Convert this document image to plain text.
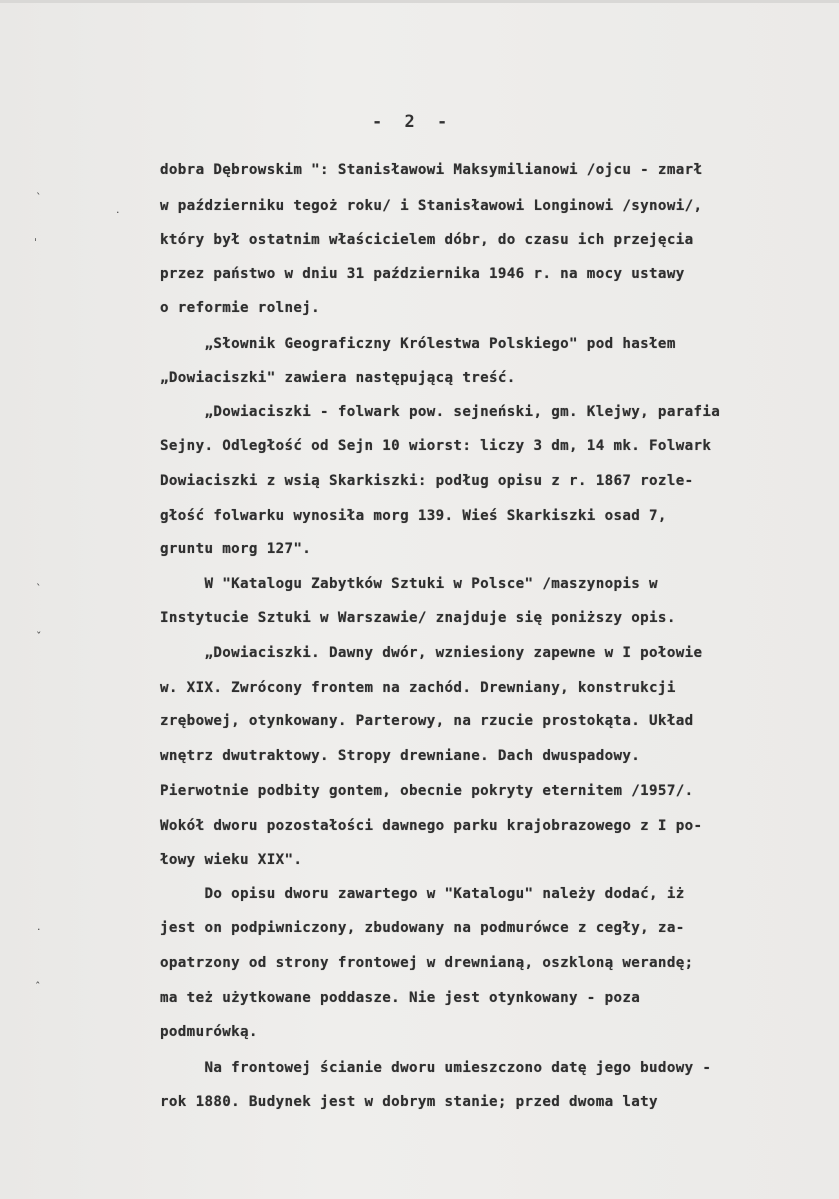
- 2 -
dobra Dębrowskim ": Stanisławowi Maksymilianowi /ojcu - zmarł
w październiku tegoż roku/ i Stanisławowi Longinowi /synowi/,
który był ostatnim właścicielem dóbr, do czasu ich przejęcia
przez państwo w dniu 31 października 1946 r. na mocy ustawy
o reformie rolnej.
„Słownik Geograficzny Królestwa Polskiego" pod hasłem
„Dowiaciszki" zawiera następującą treść.
„Dowiaciszki - folwark pow. sejneński, gm. Klejwy, parafia
Sejny. Odległość od Sejn 10 wiorst: liczy 3 dm, 14 mk. Folwark
Dowiaciszki z wsią Skarkiszki: podług opisu z r. 1867 rozle-
głość folwarku wynosiła morg 139. Wieś Skarkiszki osad 7,
gruntu morg 127".
W "Katalogu Zabytków Sztuki w Polsce" /maszynopis w
Instytucie Sztuki w Warszawie/ znajduje się poniższy opis.
„Dowiaciszki. Dawny dwór, wzniesiony zapewne w I połowie
w. XIX. Zwrócony frontem na zachód. Drewniany, konstrukcji
zrębowej, otynkowany. Parterowy, na rzucie prostokąta. Układ
wnętrz dwutraktowy. Stropy drewniane. Dach dwuspadowy.
Pierwotnie podbity gontem, obecnie pokryty eternitem /1957/.
Wokół dworu pozostałości dawnego parku krajobrazowego z I po-
łowy wieku XIX".
Do opisu dworu zawartego w "Katalogu" należy dodać, iż
jest on podpiwniczony, zbudowany na podmurówce z cegły, za-
opatrzony od strony frontowej w drewnianą, oszkloną werandę;
ma też użytkowane poddasze. Nie jest otynkowany - poza
podmurówką.
Na frontowej ścianie dworu umieszczono datę jego budowy -
rok 1880. Budynek jest w dobrym stanie; przed dwoma laty
ˎ
·
ˈ
ˎ
ˇ
·
ˆ
